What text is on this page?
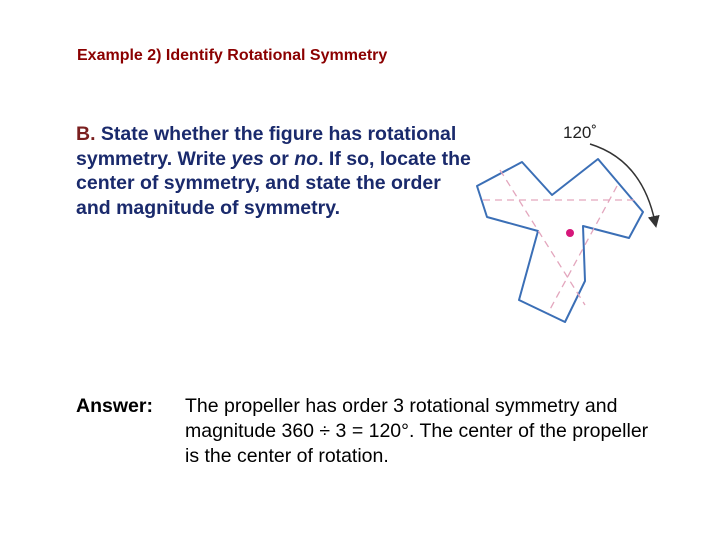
Example 2) Identify Rotational Symmetry
B. State whether the figure has rotational symmetry. Write yes or no. If so, locate the center of symmetry, and state the order and magnitude of symmetry.
120˚
Answer: The propeller has order 3 rotational symmetry and magnitude 360 ÷ 3 = 120°. The center of the propeller is the center of rotation.
